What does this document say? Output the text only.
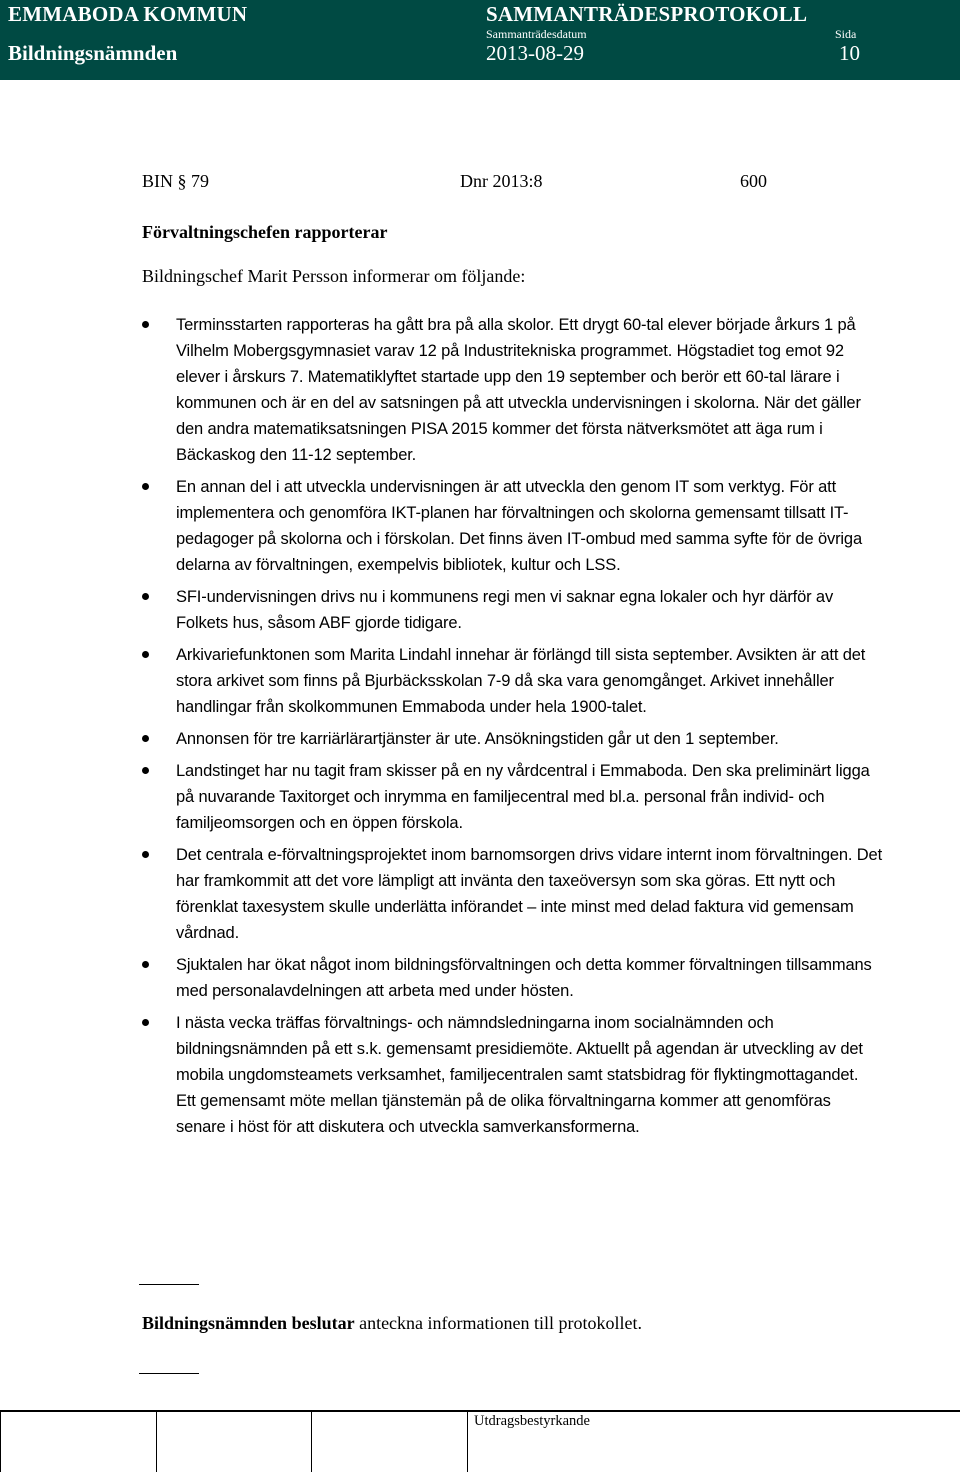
EMMABODA KOMMUN
Bildningsnämnden
SAMMANTRÄDESPROTOKOLL
Sammanträdesdatum	Sida
2013-08-29	10
BIN § 79	Dnr 2013:8	600
Förvaltningschefen rapporterar
Bildningschef Marit Persson informerar om följande:
Terminsstarten rapporteras ha gått bra på alla skolor. Ett drygt 60-tal elever började årkurs 1 på Vilhelm Mobergsgymnasiet varav 12 på Industritekniska programmet. Högstadiet tog emot 92 elever i årskurs 7. Matematiklyftet startade upp den 19 september och berör ett 60-tal lärare i kommunen och är en del av satsningen på att utveckla undervisningen i skolorna. När det gäller den andra matematiksatsningen PISA 2015 kommer det första nätverksmötet att äga rum i Bäckaskog den 11-12 september.
En annan del i att utveckla undervisningen är att utveckla den genom IT som verktyg. För att implementera och genomföra IKT-planen har förvaltningen och skolorna gemensamt tillsatt IT-pedagoger på skolorna och i förskolan. Det finns även IT-ombud med samma syfte för de övriga delarna av förvaltningen, exempelvis bibliotek, kultur och LSS.
SFI-undervisningen drivs nu i kommunens regi men vi saknar egna lokaler och hyr därför av Folkets hus, såsom ABF gjorde tidigare.
Arkivariefunktonen som Marita Lindahl innehar är förlängd till sista september. Avsikten är att det stora arkivet som finns på Bjurbäcksskolan 7-9 då ska vara genomgånget. Arkivet innehåller handlingar från skolkommunen Emmaboda under hela 1900-talet.
Annonsen för tre karriärlärartjänster är ute. Ansökningstiden går ut den 1 september.
Landstinget har nu tagit fram skisser på en ny vårdcentral i Emmaboda. Den ska preliminärt ligga på nuvarande Taxitorget och inrymma en familjecentral med bl.a. personal från individ- och familjeomsorgen och en öppen förskola.
Det centrala e-förvaltningsprojektet inom barnomsorgen drivs vidare internt inom förvaltningen. Det har framkommit att det vore lämpligt att invänta den taxeöversyn som ska göras. Ett nytt och förenklat taxesystem skulle underlätta införandet – inte minst med delad faktura vid gemensam vårdnad.
Sjuktalen har ökat något inom bildningsförvaltningen och detta kommer förvaltningen tillsammans med personalavdelningen att arbeta med under hösten.
I nästa vecka träffas förvaltnings- och nämndsledningarna inom socialnämnden och bildningsnämnden på ett s.k. gemensamt presidiemöte. Aktuellt på agendan är utveckling av det mobila ungdomsteamets verksamhet, familjecentralen samt statsbidrag för flyktingmottagandet. Ett gemensamt möte mellan tjänstemän på de olika förvaltningarna kommer att genomföras senare i höst för att diskutera och utveckla samverkansformerna.
Bildningsnämnden beslutar anteckna informationen till protokollet.
Utdragsbestyrkande
